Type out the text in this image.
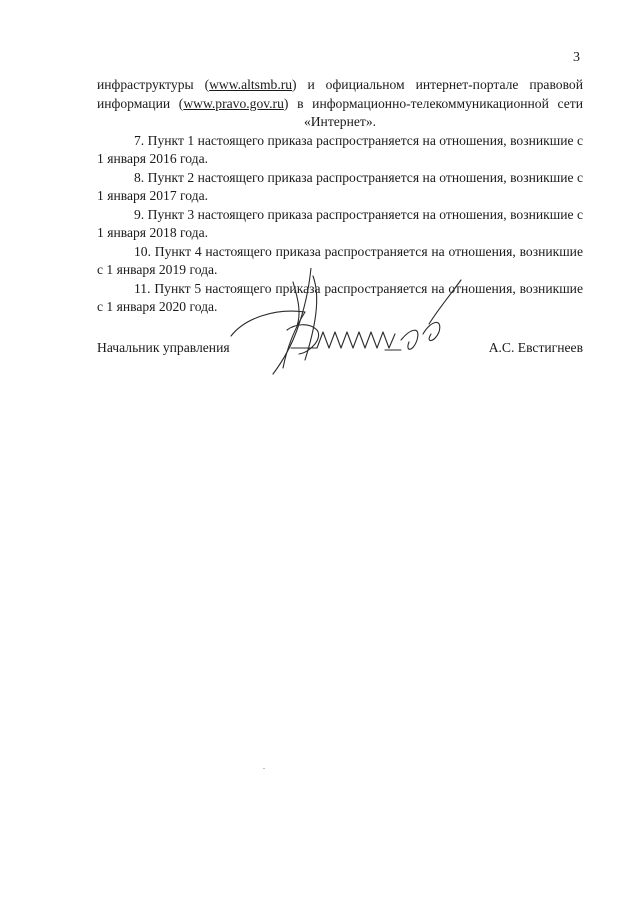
3

инфраструктуры (www.altsmb.ru) и официальном интернет-портале правовой информации (www.pravo.gov.ru) в информационно-телекоммуникационной сети «Интернет».

7. Пункт 1 настоящего приказа распространяется на отношения, возникшие с 1 января 2016 года.

8. Пункт 2 настоящего приказа распространяется на отношения, возникшие с 1 января 2017 года.

9. Пункт 3 настоящего приказа распространяется на отношения, возникшие с 1 января 2018 года.

10. Пункт 4 настоящего приказа распространяется на отношения, возникшие с 1 января 2019 года.

11. Пункт 5 настоящего приказа распространяется на отношения, возникшие с 1 января 2020 года.

Начальник управления	А.С. Евстигнеев
